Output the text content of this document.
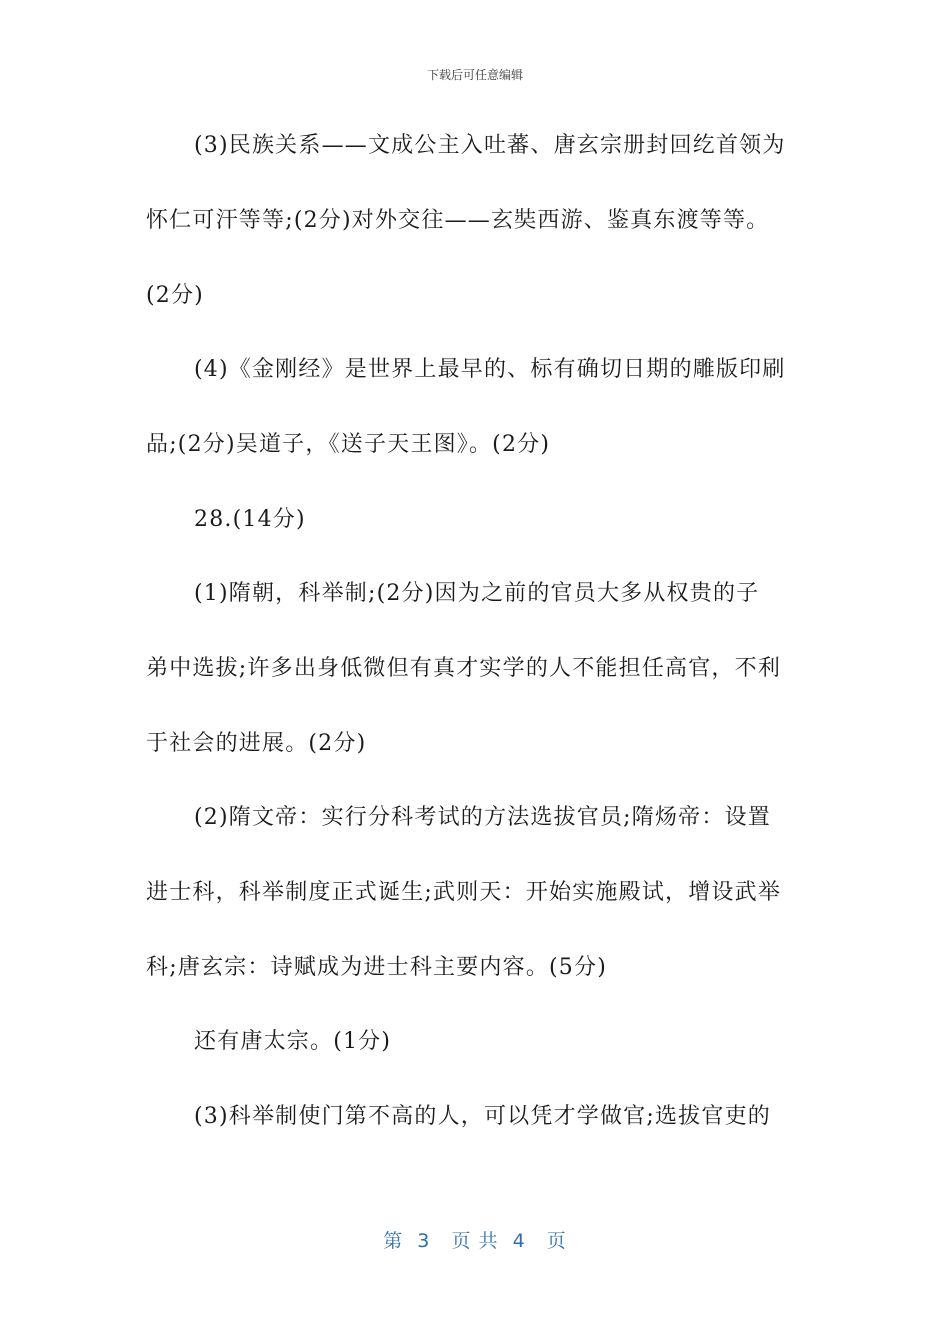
下载后可任意编辑
(3)民族关系——文成公主入吐蕃、唐玄宗册封回纥首领为
怀仁可汗等等;(2分)对外交往——玄奘西游、鉴真东渡等等。
(2分)
(4)《金刚经》是世界上最早的、标有确切日期的雕版印刷
品;(2分)吴道子，《送子天王图》。(2分)
28.(14分)
(1)隋朝，科举制;(2分)因为之前的官员大多从权贵的子
弟中选拔;许多出身低微但有真才实学的人不能担任高官，不利
于社会的进展。(2分)
(2)隋文帝：实行分科考试的方法选拔官员;隋炀帝：设置
进士科，科举制度正式诞生;武则天：开始实施殿试，增设武举
科;唐玄宗：诗赋成为进士科主要内容。(5分)
还有唐太宗。(1分)
(3)科举制使门第不高的人，可以凭才学做官;选拔官吏的
第  3   页 共  4   页
